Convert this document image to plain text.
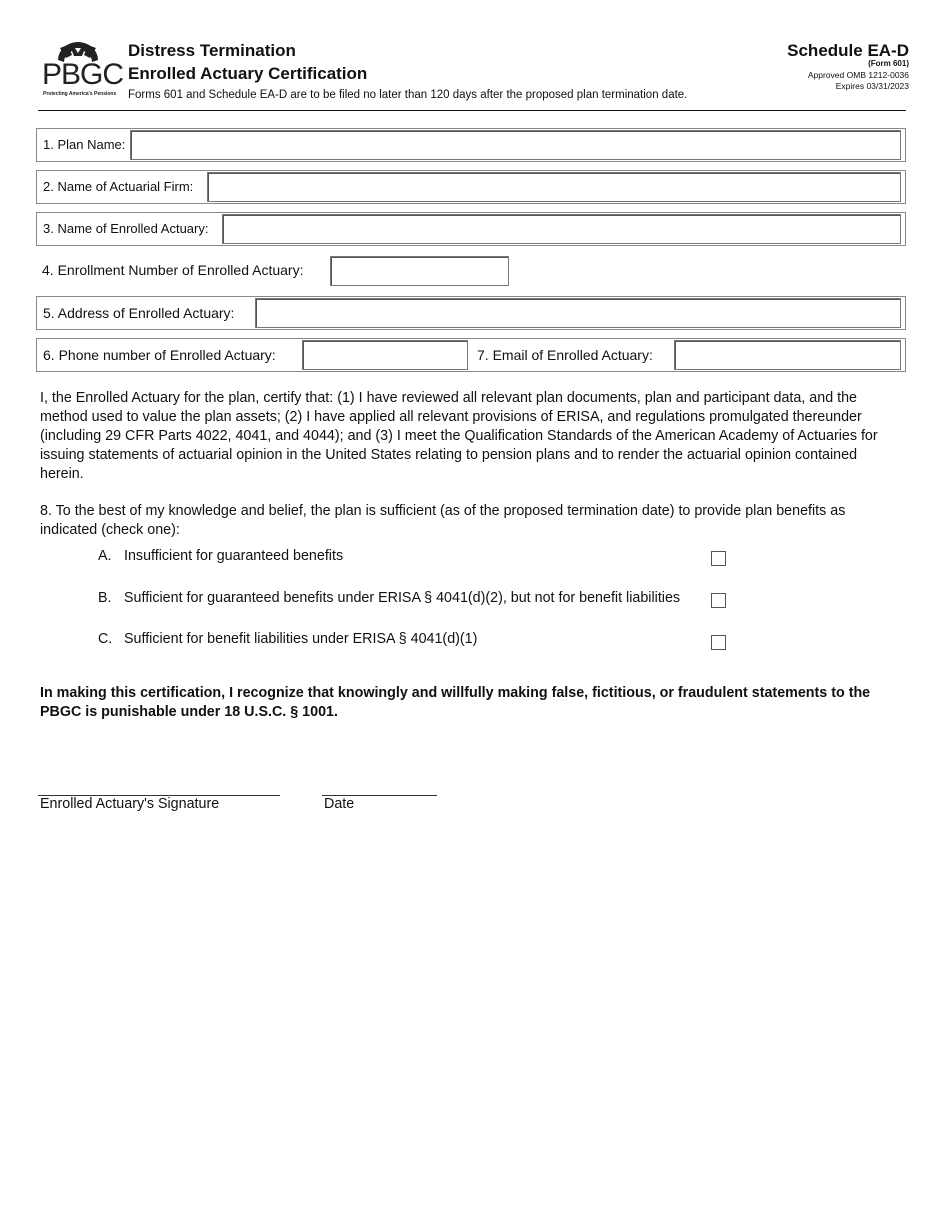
PBGC
Protecting America's Pensions
Distress Termination
Enrolled Actuary Certification
Forms 601 and Schedule EA-D are to be filed no later than 120 days after the proposed plan termination date.
Schedule EA-D
(Form 601)
Approved OMB 1212-0036
Expires 03/31/2023
1. Plan Name:
2. Name of Actuarial Firm:
3. Name of Enrolled Actuary:
4. Enrollment Number of Enrolled Actuary:
5. Address of Enrolled Actuary:
6. Phone number of Enrolled Actuary:	7. Email of Enrolled Actuary:
I, the Enrolled Actuary for the plan, certify that: (1) I have reviewed all relevant plan documents, plan and participant data, and the method used to value the plan assets; (2) I have applied all relevant provisions of ERISA, and regulations promulgated thereunder (including 29 CFR Parts 4022, 4041, and 4044); and (3) I meet the Qualification Standards of the American Academy of Actuaries for issuing statements of actuarial opinion in the United States relating to pension plans and to render the actuarial opinion contained herein.
8. To the best of my knowledge and belief, the plan is sufficient (as of the proposed termination date) to provide plan benefits as indicated (check one):
A. Insufficient for guaranteed benefits
B. Sufficient for guaranteed benefits under ERISA § 4041(d)(2), but not for benefit liabilities
C. Sufficient for benefit liabilities under ERISA § 4041(d)(1)
In making this certification, I recognize that knowingly and willfully making false, fictitious, or fraudulent statements to the PBGC is punishable under 18 U.S.C. § 1001.
Enrolled Actuary's Signature	Date
